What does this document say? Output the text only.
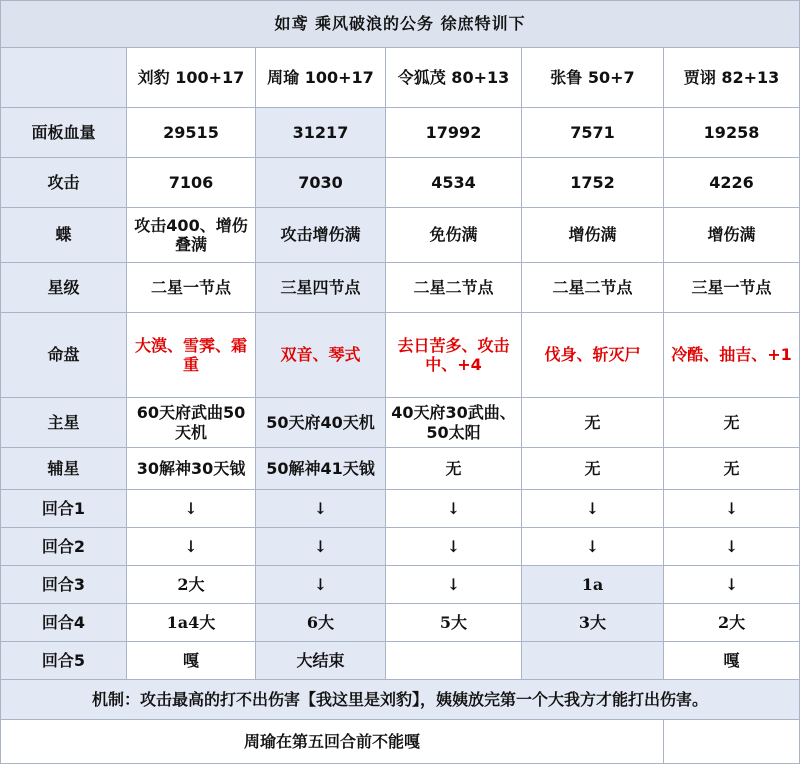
如鸢 乘风破浪的公务 徐庶特训下					
	刘豹 100+17	周瑜 100+17	令狐茂 80+13	张鲁 50+7	贾诩 82+13
面板血量	29515	31217	17992	7571	19258
攻击	7106	7030	4534	1752	4226
蝶	攻击400、增伤叠满	攻击增伤满	免伤满	增伤满	增伤满
星级	二星一节点	三星四节点	二星二节点	二星二节点	三星一节点
命盘	大漠、雪霁、霜重	双音、琴式	去日苦多、攻击中、+4	伐身、斩灭尸	冷酷、抽吉、+1
主星	60天府武曲50天机	50天府40天机	40天府30武曲、50太阳	无	无
辅星	30解神30天钺	50解神41天钺	无	无	无
回合1	↓	↓	↓	↓	↓
回合2	↓	↓	↓	↓	↓
回合3	2大	↓	↓	1a	↓
回合4	1a4大	6大	5大	3大	2大
回合5	嘎	大结束			嘎
机制：攻击最高的打不出伤害【我这里是刘豹】，姨姨放完第一个大我方才能打出伤害。					
周瑜在第五回合前不能嘎					
